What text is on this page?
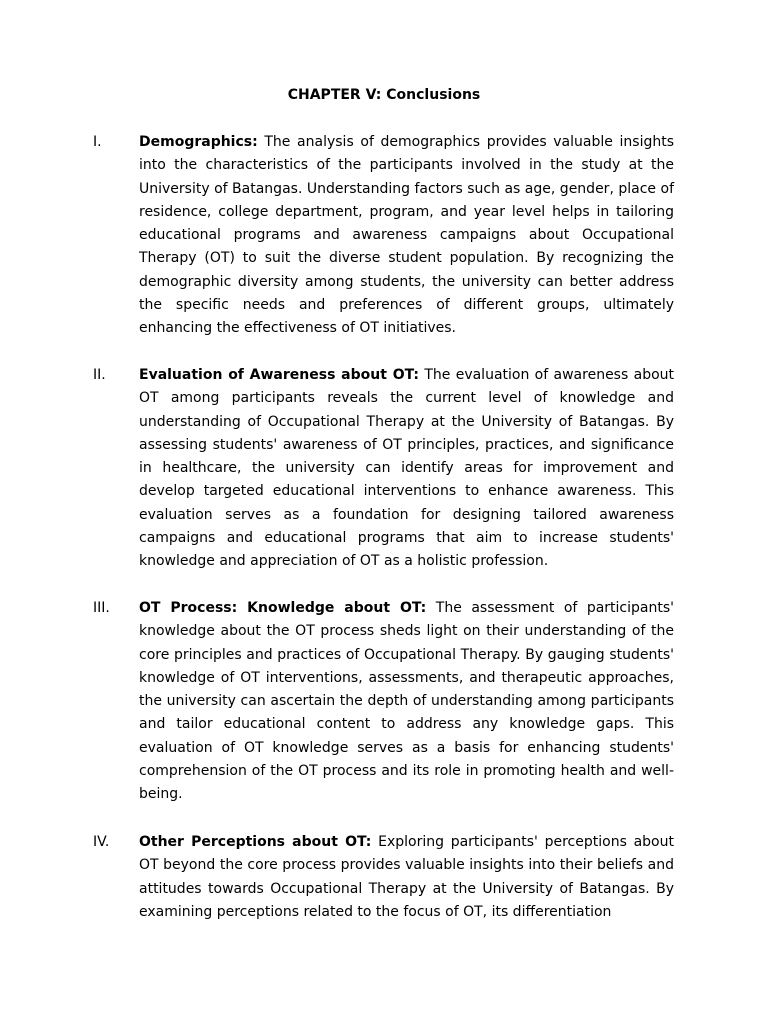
CHAPTER V: Conclusions
I.	Demographics: The analysis of demographics provides valuable insights into the characteristics of the participants involved in the study at the University of Batangas. Understanding factors such as age, gender, place of residence, college department, program, and year level helps in tailoring educational programs and awareness campaigns about Occupational Therapy (OT) to suit the diverse student population. By recognizing the demographic diversity among students, the university can better address the specific needs and preferences of different groups, ultimately enhancing the effectiveness of OT initiatives.

II. Evaluation of Awareness about OT: The evaluation of awareness about OT among participants reveals the current level of knowledge and understanding of Occupational Therapy at the University of Batangas. By assessing students' awareness of OT principles, practices, and significance in healthcare, the university can identify areas for improvement and develop targeted educational interventions to enhance awareness. This evaluation serves as a foundation for designing tailored awareness campaigns and educational programs that aim to increase students' knowledge and appreciation of OT as a holistic profession.

III. OT Process: Knowledge about OT: The assessment of participants' knowledge about the OT process sheds light on their understanding of the core principles and practices of Occupational Therapy. By gauging students' knowledge of OT interventions, assessments, and therapeutic approaches, the university can ascertain the depth of understanding among participants and tailor educational content to address any knowledge gaps. This evaluation of OT knowledge serves as a basis for enhancing students' comprehension of the OT process and its role in promoting health and well-being.

IV. Other Perceptions about OT: Exploring participants' perceptions about OT beyond the core process provides valuable insights into their beliefs and attitudes towards Occupational Therapy at the University of Batangas. By examining perceptions related to the focus of OT, its differentiation
